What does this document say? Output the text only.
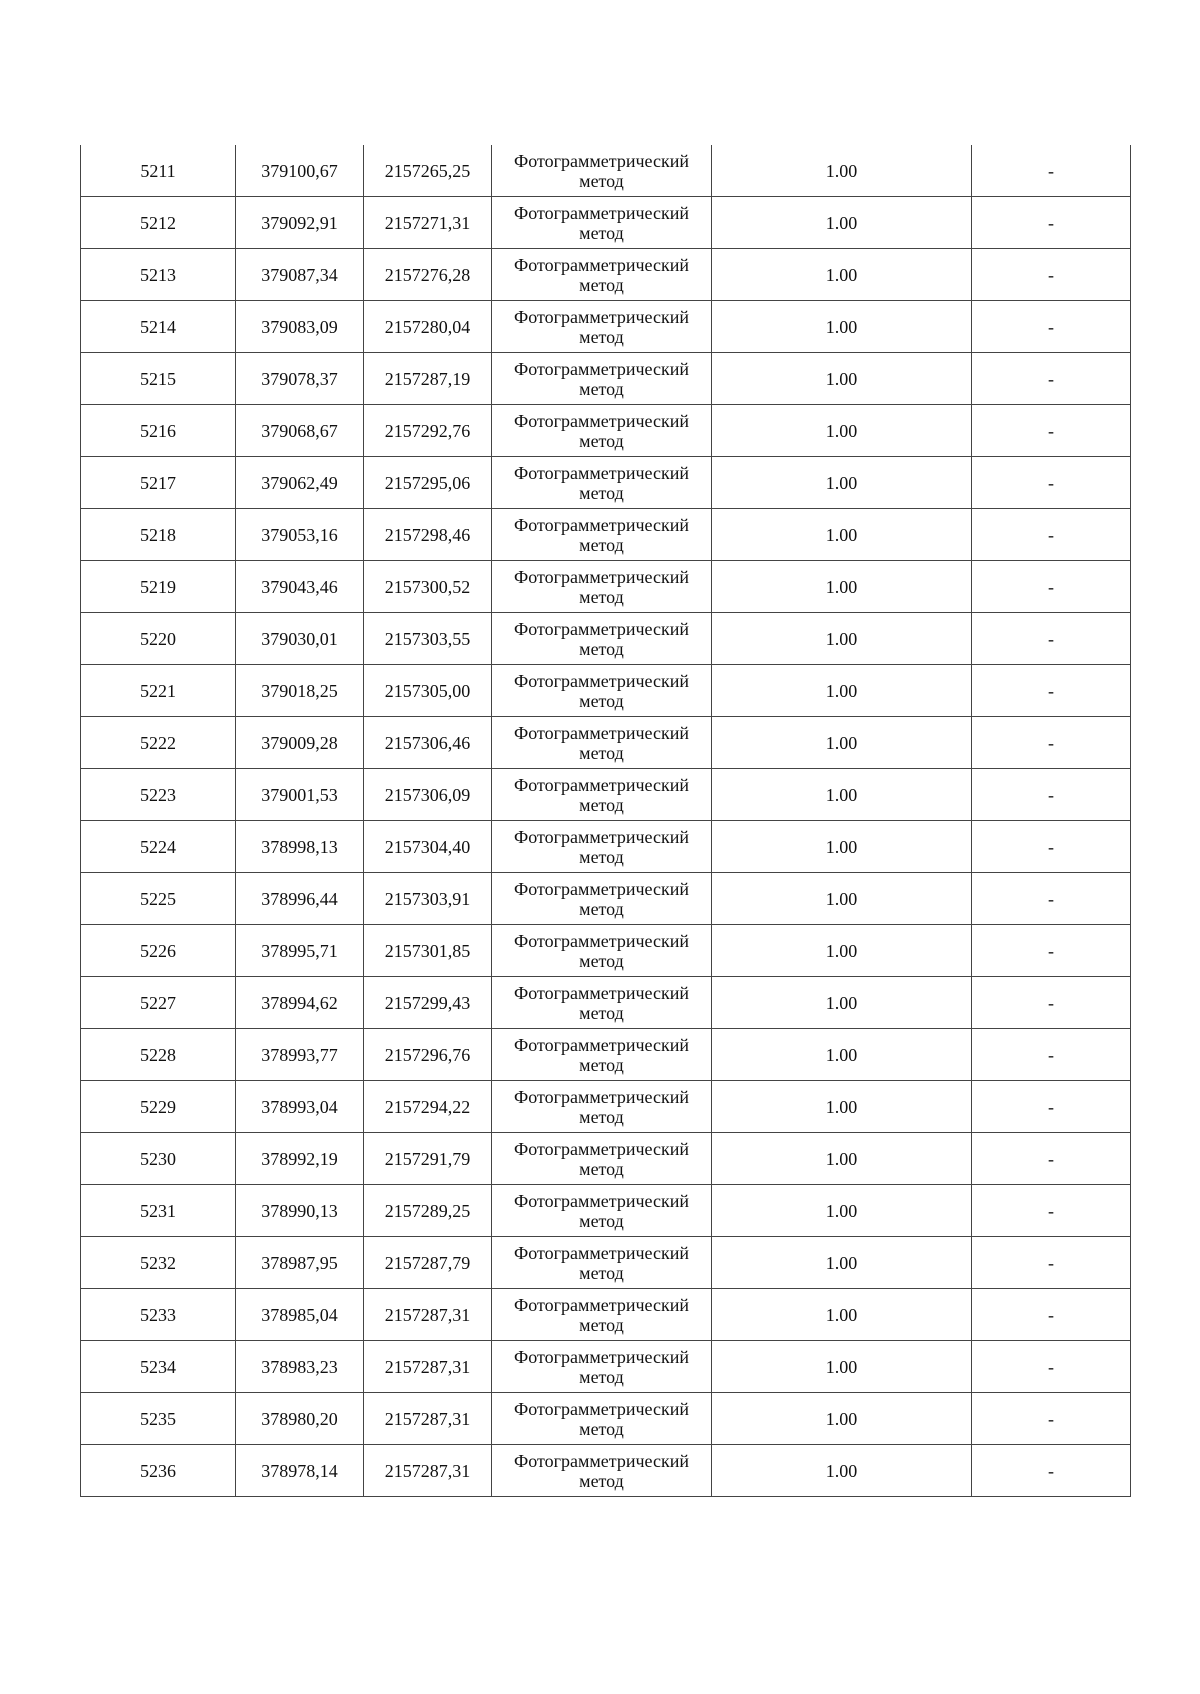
5211	379100,67	2157265,25	Фотограмметрический метод	1.00	-
5212	379092,91	2157271,31	Фотограмметрический метод	1.00	-
5213	379087,34	2157276,28	Фотограмметрический метод	1.00	-
5214	379083,09	2157280,04	Фотограмметрический метод	1.00	-
5215	379078,37	2157287,19	Фотограмметрический метод	1.00	-
5216	379068,67	2157292,76	Фотограмметрический метод	1.00	-
5217	379062,49	2157295,06	Фотограмметрический метод	1.00	-
5218	379053,16	2157298,46	Фотограмметрический метод	1.00	-
5219	379043,46	2157300,52	Фотограмметрический метод	1.00	-
5220	379030,01	2157303,55	Фотограмметрический метод	1.00	-
5221	379018,25	2157305,00	Фотограмметрический метод	1.00	-
5222	379009,28	2157306,46	Фотограмметрический метод	1.00	-
5223	379001,53	2157306,09	Фотограмметрический метод	1.00	-
5224	378998,13	2157304,40	Фотограмметрический метод	1.00	-
5225	378996,44	2157303,91	Фотограмметрический метод	1.00	-
5226	378995,71	2157301,85	Фотограмметрический метод	1.00	-
5227	378994,62	2157299,43	Фотограмметрический метод	1.00	-
5228	378993,77	2157296,76	Фотограмметрический метод	1.00	-
5229	378993,04	2157294,22	Фотограмметрический метод	1.00	-
5230	378992,19	2157291,79	Фотограмметрический метод	1.00	-
5231	378990,13	2157289,25	Фотограмметрический метод	1.00	-
5232	378987,95	2157287,79	Фотограмметрический метод	1.00	-
5233	378985,04	2157287,31	Фотограмметрический метод	1.00	-
5234	378983,23	2157287,31	Фотограмметрический метод	1.00	-
5235	378980,20	2157287,31	Фотограмметрический метод	1.00	-
5236	378978,14	2157287,31	Фотограмметрический метод	1.00	-
